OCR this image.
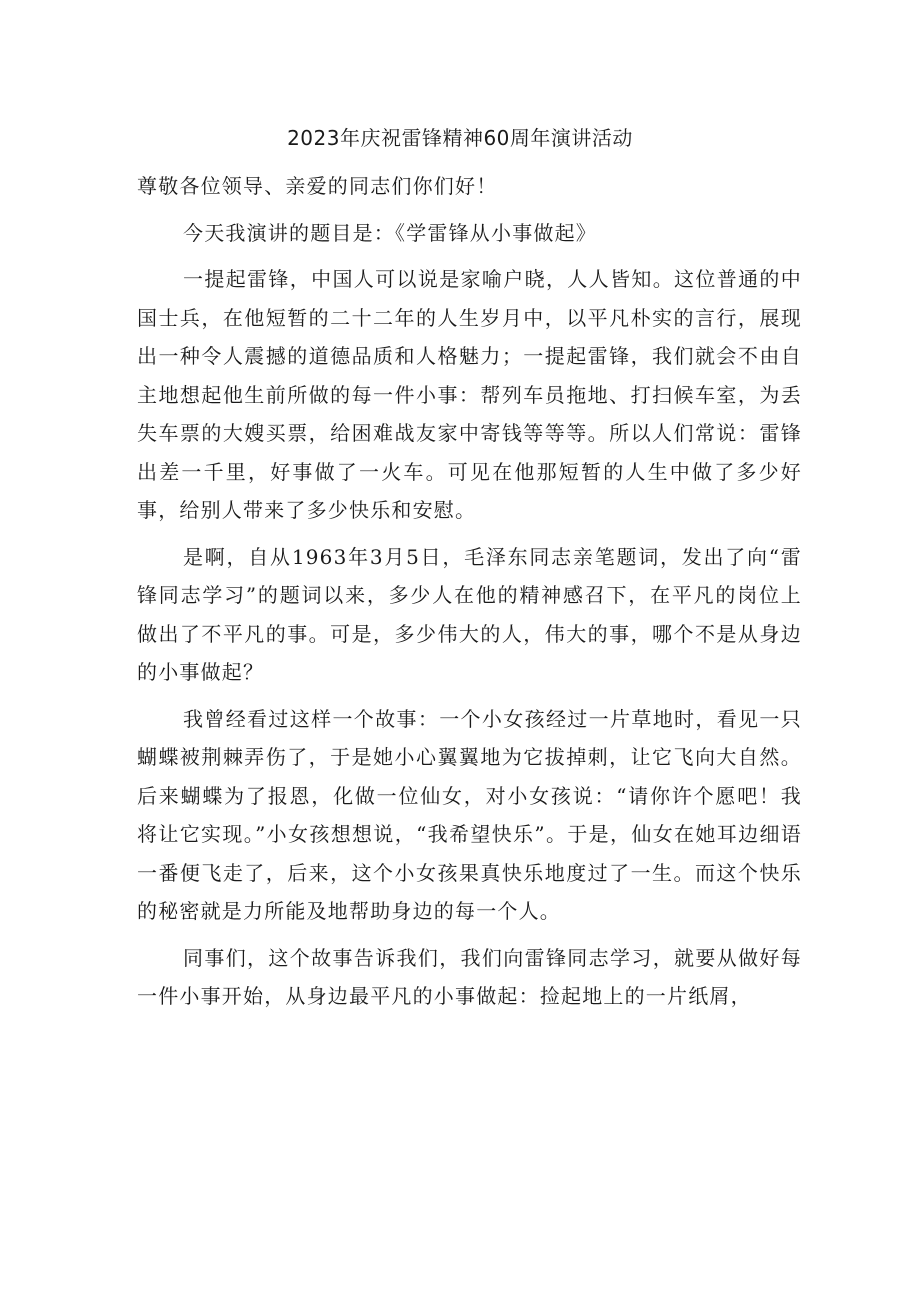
2023年庆祝雷锋精神60周年演讲活动

尊敬各位领导、亲爱的同志们你们好！

今天我演讲的题目是：《学雷锋从小事做起》

一提起雷锋，中国人可以说是家喻户晓，人人皆知。这位普通的中国士兵，在他短暂的二十二年的人生岁月中，以平凡朴实的言行，展现出一种令人震撼的道德品质和人格魅力；一提起雷锋，我们就会不由自主地想起他生前所做的每一件小事：帮列车员拖地、打扫候车室，为丢失车票的大嫂买票，给困难战友家中寄钱等等等。所以人们常说：雷锋出差一千里，好事做了一火车。可见在他那短暂的人生中做了多少好事，给别人带来了多少快乐和安慰。

是啊，自从1963年3月5日，毛泽东同志亲笔题词，发出了向“雷锋同志学习”的题词以来，多少人在他的精神感召下，在平凡的岗位上做出了不平凡的事。可是，多少伟大的人，伟大的事，哪个不是从身边的小事做起？

我曾经看过这样一个故事：一个小女孩经过一片草地时，看见一只蝴蝶被荆棘弄伤了，于是她小心翼翼地为它拔掉刺，让它飞向大自然。后来蝴蝶为了报恩，化做一位仙女，对小女孩说：“请你许个愿吧！我将让它实现。”小女孩想想说，“我希望快乐”。于是，仙女在她耳边细语一番便飞走了，后来，这个小女孩果真快乐地度过了一生。而这个快乐的秘密就是力所能及地帮助身边的每一个人。

同事们，这个故事告诉我们，我们向雷锋同志学习，就要从做好每一件小事开始，从身边最平凡的小事做起：捡起地上的一片纸屑，
